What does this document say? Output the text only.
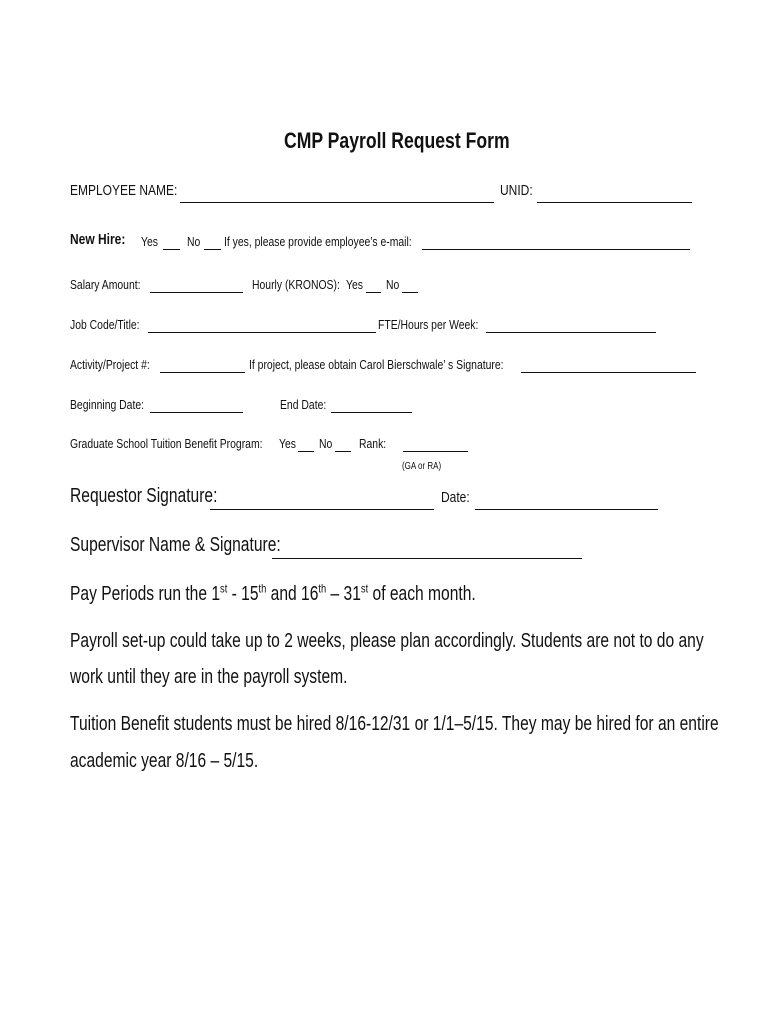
CMP Payroll Request Form
EMPLOYEE NAME:	UNID:
New Hire: Yes No If yes, please provide employee’s e-mail:
Salary Amount:	Hourly (KRONOS): Yes No
Job Code/Title:	FTE/Hours per Week:
Activity/Project #:	If project, please obtain Carol Bierschwale’ s Signature:
Beginning Date:	End Date:
Graduate School Tuition Benefit Program: Yes No Rank:
(GA or RA)
Requestor Signature:	Date:
Supervisor Name & Signature:
Pay Periods run the 1st - 15th and 16th – 31st of each month.
Payroll set-up could take up to 2 weeks, please plan accordingly. Students are not to do any
work until they are in the payroll system.
Tuition Benefit students must be hired 8/16-12/31 or 1/1–5/15. They may be hired for an entire
academic year 8/16 – 5/15.
